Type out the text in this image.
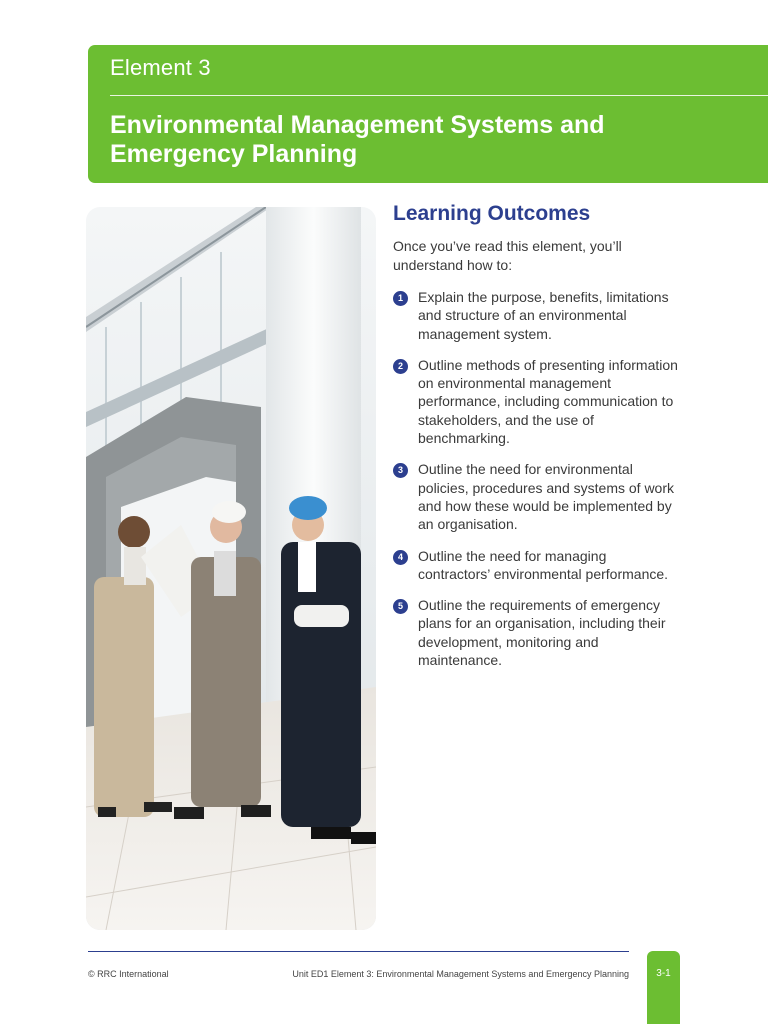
Element 3
Environmental Management Systems and
Emergency Planning
Learning Outcomes

Once you’ve read this element, you’ll
understand how to:

1	Explain the purpose, benefits, limitations and structure of an environmental management system.
2	Outline methods of presenting information on environmental management performance, including communication to stakeholders, and the use of benchmarking.
3	Outline the need for environmental policies, procedures and systems of work and how these would be implemented by an organisation.
4	Outline the need for managing contractors’ environmental performance.
5	Outline the requirements of emergency plans for an organisation, including their development, monitoring and maintenance.
© RRC International	Unit ED1 Element 3: Environmental Management Systems and Emergency Planning	3-1
